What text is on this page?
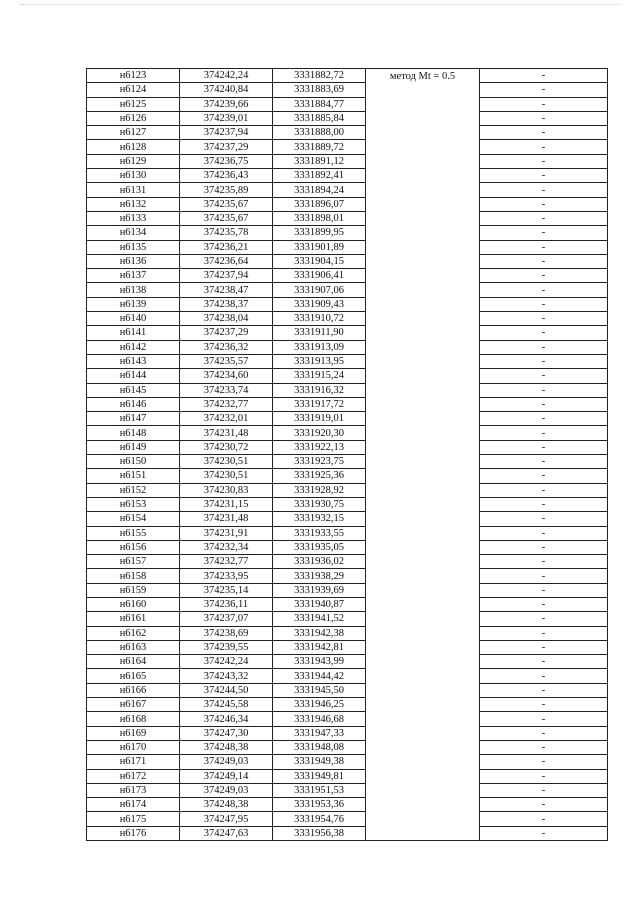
н6123	374242,24	3331882,72	метод Mt = 0.5	-
н6124	374240,84	3331883,69		-
н6125	374239,66	3331884,77		-
н6126	374239,01	3331885,84		-
н6127	374237,94	3331888,00		-
н6128	374237,29	3331889,72		-
н6129	374236,75	3331891,12		-
н6130	374236,43	3331892,41		-
н6131	374235,89	3331894,24		-
н6132	374235,67	3331896,07		-
н6133	374235,67	3331898,01		-
н6134	374235,78	3331899,95		-
н6135	374236,21	3331901,89		-
н6136	374236,64	3331904,15		-
н6137	374237,94	3331906,41		-
н6138	374238,47	3331907,06		-
н6139	374238,37	3331909,43		-
н6140	374238,04	3331910,72		-
н6141	374237,29	3331911,90		-
н6142	374236,32	3331913,09		-
н6143	374235,57	3331913,95		-
н6144	374234,60	3331915,24		-
н6145	374233,74	3331916,32		-
н6146	374232,77	3331917,72		-
н6147	374232,01	3331919,01		-
н6148	374231,48	3331920,30		-
н6149	374230,72	3331922,13		-
н6150	374230,51	3331923,75		-
н6151	374230,51	3331925,36		-
н6152	374230,83	3331928,92		-
н6153	374231,15	3331930,75		-
н6154	374231,48	3331932,15		-
н6155	374231,91	3331933,55		-
н6156	374232,34	3331935,05		-
н6157	374232,77	3331936,02		-
н6158	374233,95	3331938,29		-
н6159	374235,14	3331939,69		-
н6160	374236,11	3331940,87		-
н6161	374237,07	3331941,52		-
н6162	374238,69	3331942,38		-
н6163	374239,55	3331942,81		-
н6164	374242,24	3331943,99		-
н6165	374243,32	3331944,42		-
н6166	374244,50	3331945,50		-
н6167	374245,58	3331946,25		-
н6168	374246,34	3331946,68		-
н6169	374247,30	3331947,33		-
н6170	374248,38	3331948,08		-
н6171	374249,03	3331949,38		-
н6172	374249,14	3331949,81		-
н6173	374249,03	3331951,53		-
н6174	374248,38	3331953,36		-
н6175	374247,95	3331954,76		-
н6176	374247,63	3331956,38		-
